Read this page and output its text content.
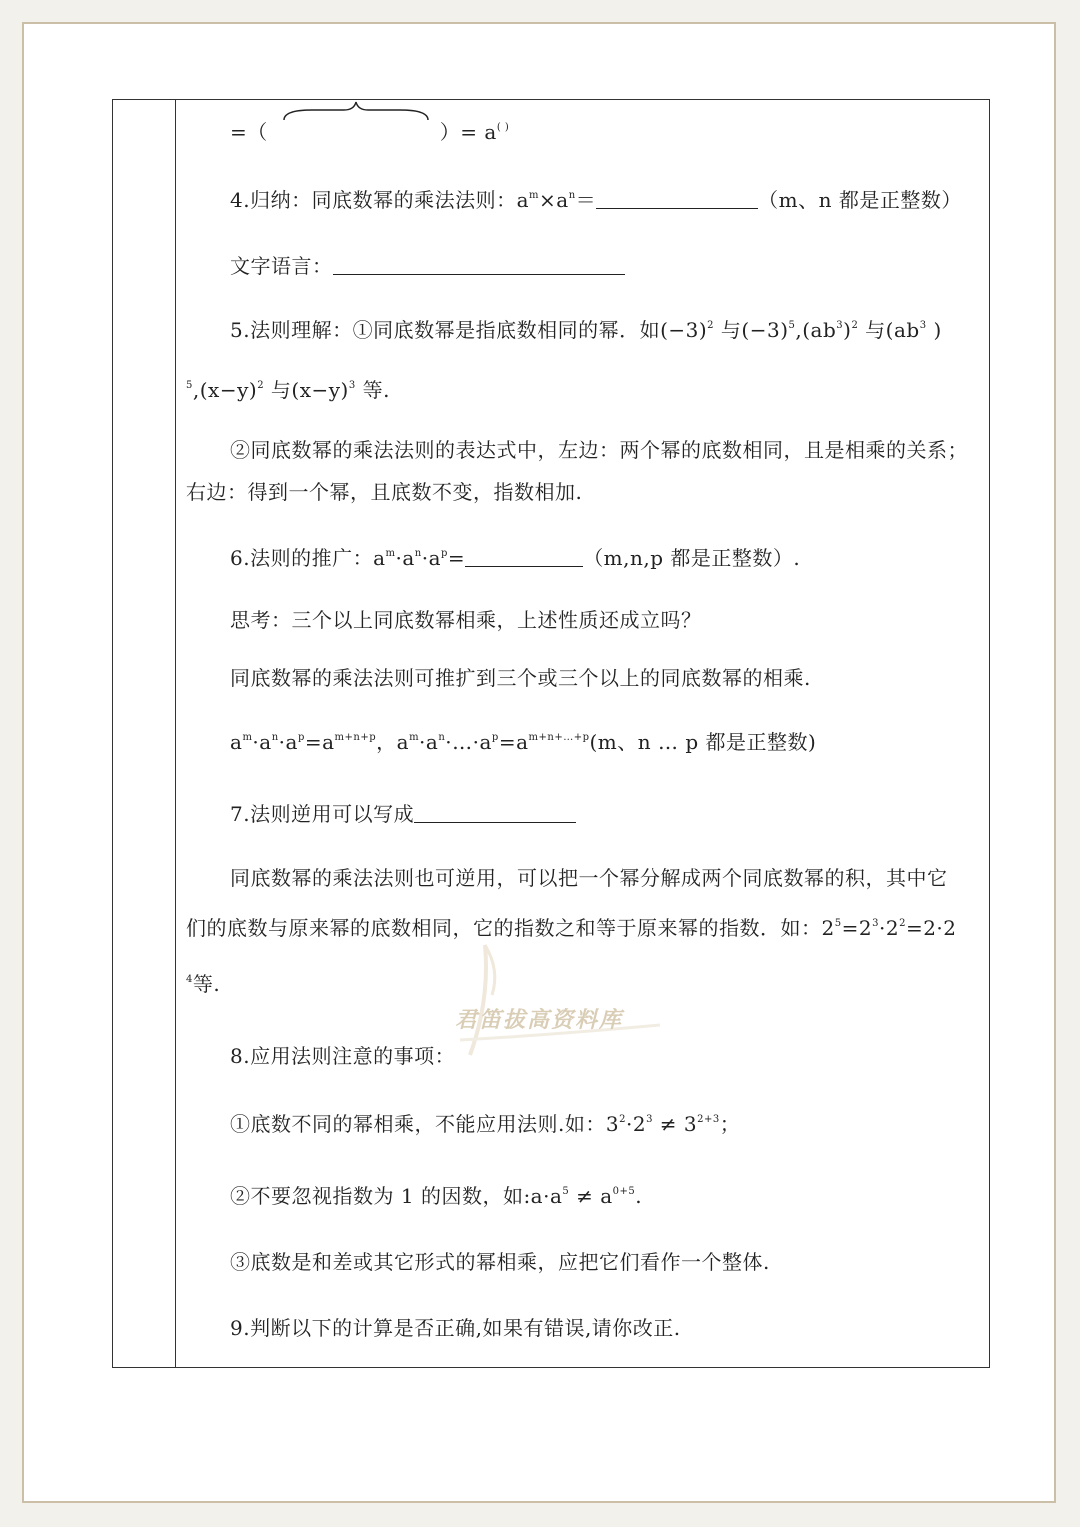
=（	）= a( )
4.归纳：同底数幂的乘法法则：$a^m\times a^n=$	（m、n 都是正整数）
文字语言：
5.法则理解：①同底数幂是指底数相同的幂．如$(-3)^2$ 与$(-3)^5,(ab^3)^2$ 与($ab^3$ )
$^5,(x-y)^2$ 与$(x-y)^3$ 等.
②同底数幂的乘法法则的表达式中，左边：两个幂的底数相同，且是相乘的关系；
右边：得到一个幂，且底数不变，指数相加.
6.法则的推广：$a^m\cdot a^n\cdot a^p=$	（m,n,p 都是正整数）.
思考：三个以上同底数幂相乘，上述性质还成立吗？
同底数幂的乘法法则可推扩到三个或三个以上的同底数幂的相乘.
$a^m\cdot a^n\cdot a^p=a^{m+n+p}$，$a^m\cdot a^n\cdot\dots\cdot a^p=a^{m+n+\dots+p}(m$、n … p 都是正整数)
7.法则逆用可以写成
同底数幂的乘法法则也可逆用，可以把一个幂分解成两个同底数幂的积，其中它
们的底数与原来幂的底数相同，它的指数之和等于原来幂的指数．如：$2^5=2^3\cdot 2^2=2\cdot 2$
$^4$等.
君笛拔高资料库
8.应用法则注意的事项：
①底数不同的幂相乘，不能应用法则.如：$3^2\cdot 2^3 \ne 3^{2+3}$；
②不要忽视指数为 1 的因数，如$:a\cdot a^5 \ne a^{0+5}$.
③底数是和差或其它形式的幂相乘，应把它们看作一个整体.
9.判断以下的计算是否正确,如果有错误,请你改正.
